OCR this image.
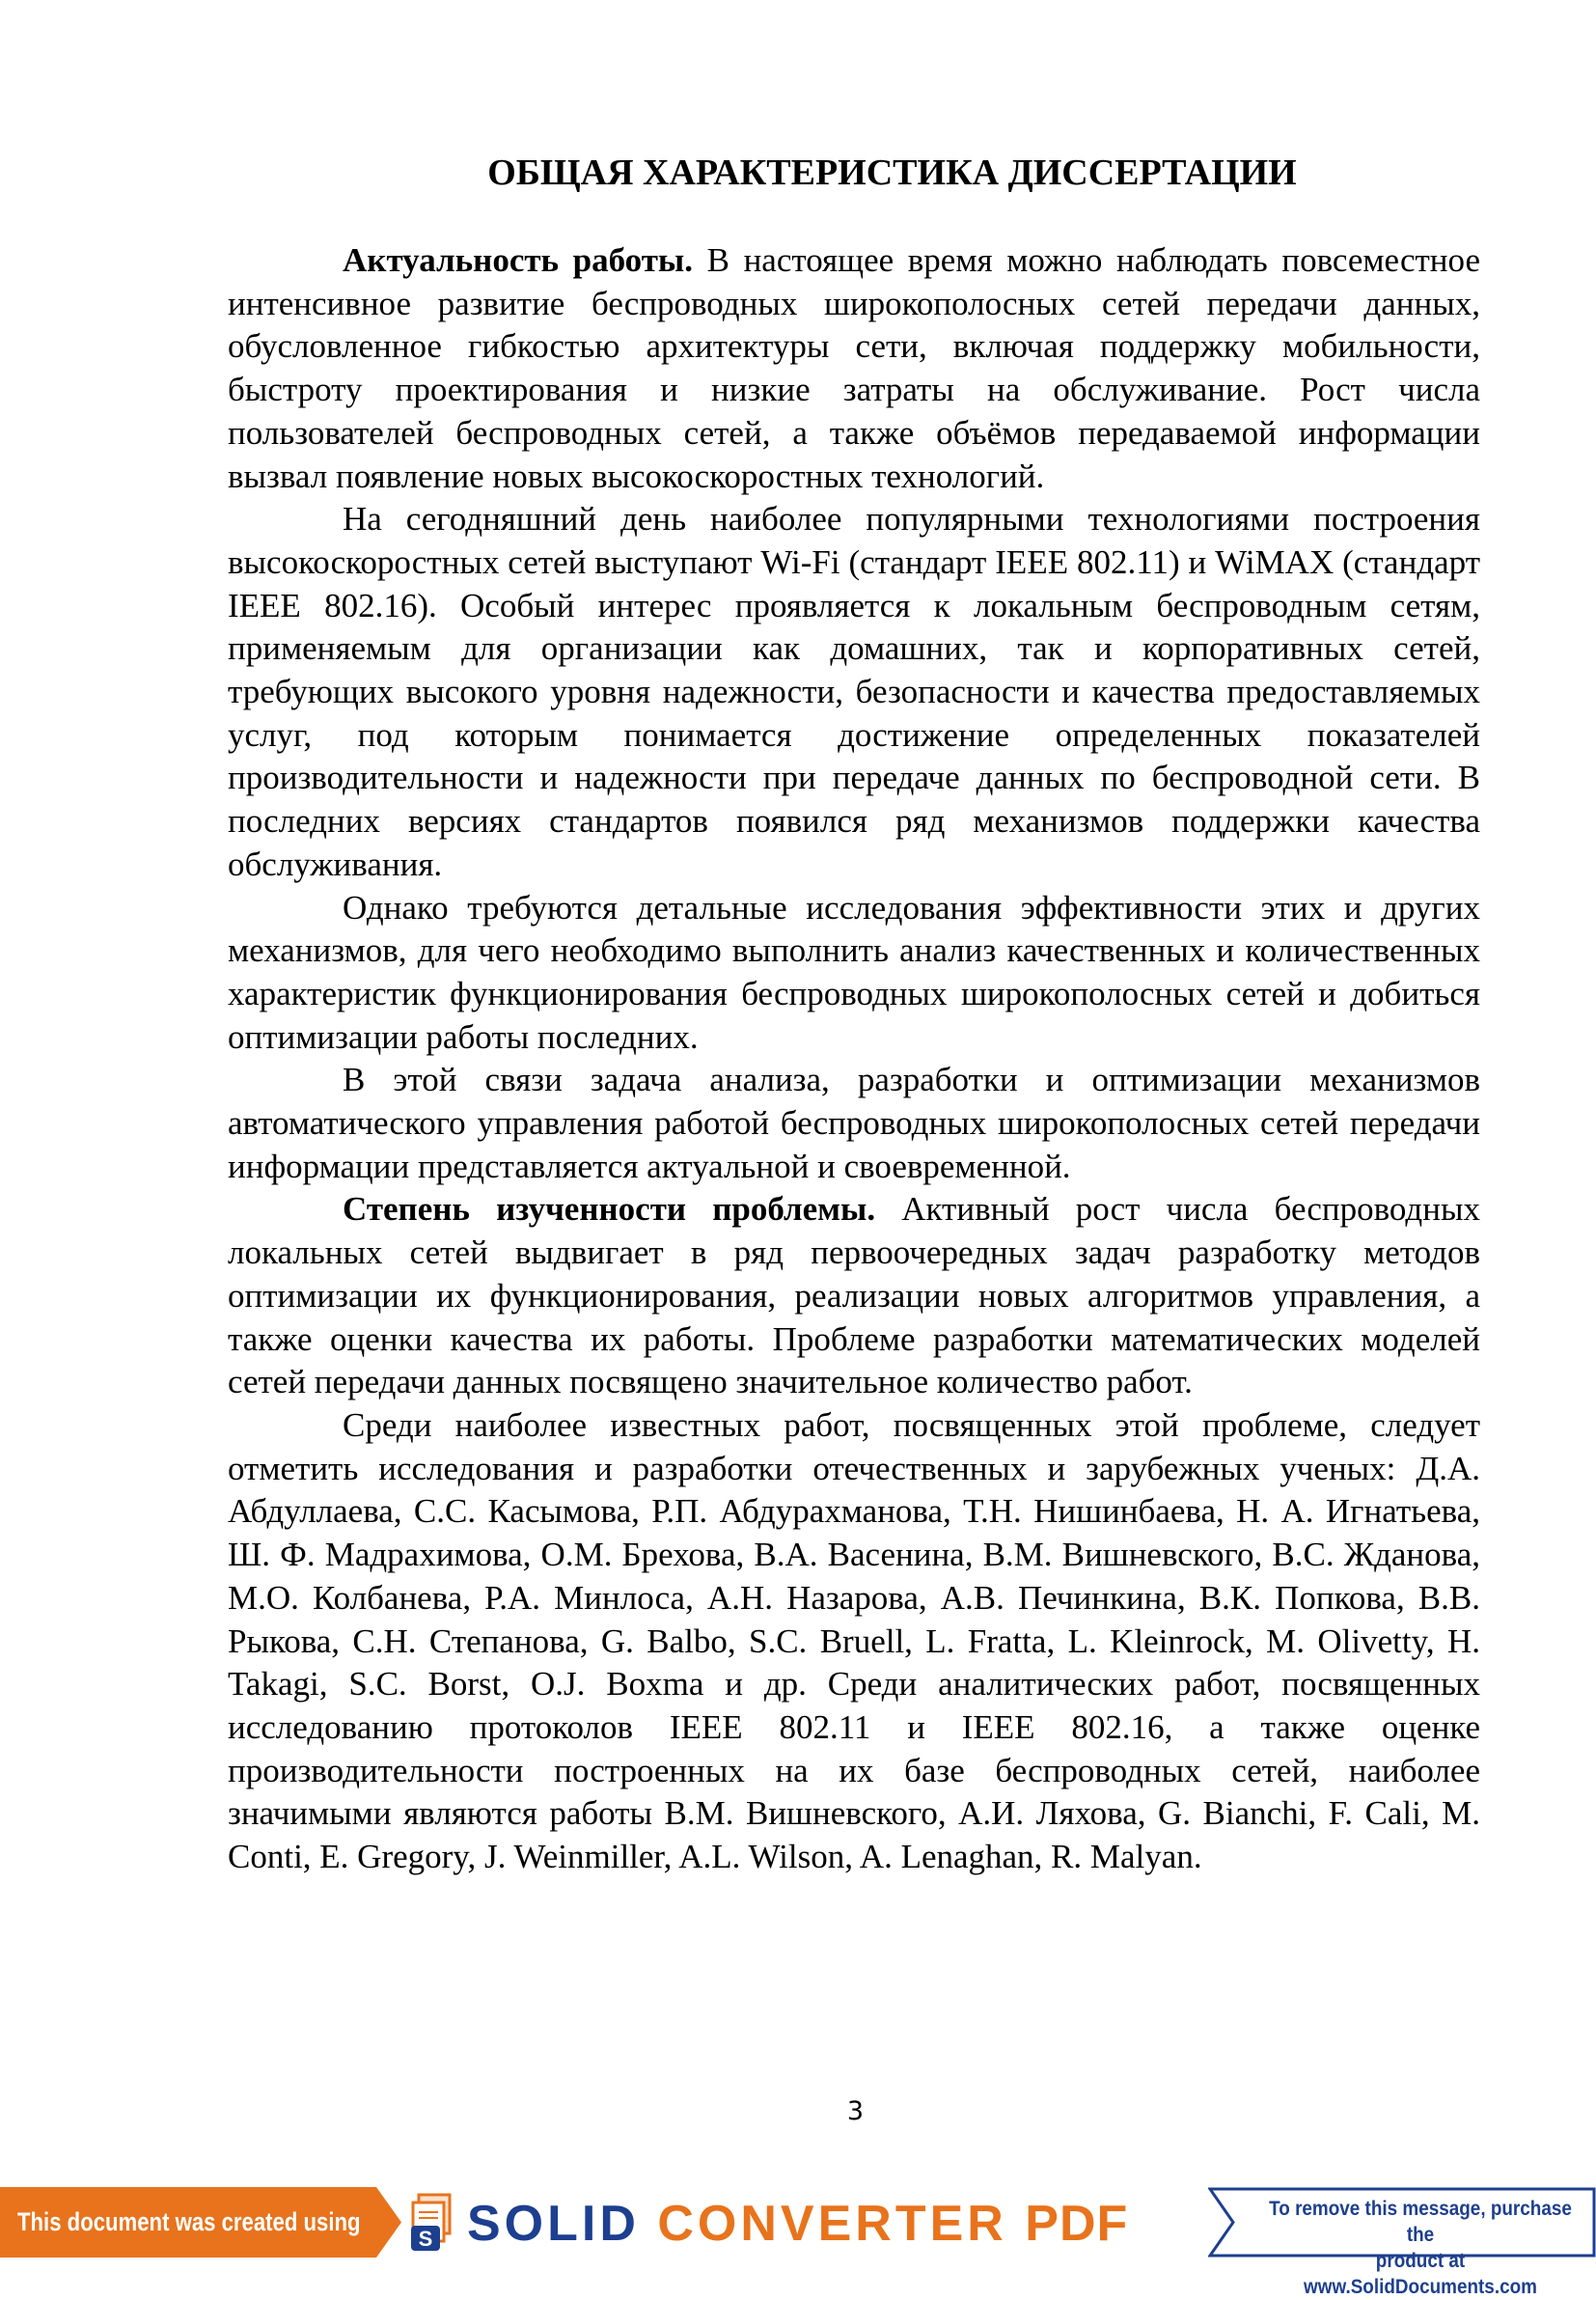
ОБЩАЯ ХАРАКТЕРИСТИКА ДИССЕРТАЦИИ

Актуальность работы. В настоящее время можно наблюдать повсеместное интенсивное развитие беспроводных широкополосных сетей передачи данных, обусловленное гибкостью архитектуры сети, включая поддержку мобильности, быстроту проектирования и низкие затраты на обслуживание. Рост числа пользователей беспроводных сетей, а также объёмов передаваемой информации вызвал появление новых высокоскоростных технологий.

На сегодняшний день наиболее популярными технологиями построения высокоскоростных сетей выступают Wi-Fi (стандарт IEEE 802.11) и WiMAX (стандарт IEEE 802.16). Особый интерес проявляется к локальным беспроводным сетям, применяемым для организации как домашних, так и корпоративных сетей, требующих высокого уровня надежности, безопасности и качества предоставляемых услуг, под которым понимается достижение определенных показателей производительности и надежности при передаче данных по беспроводной сети. В последних версиях стандартов появился ряд механизмов поддержки качества обслуживания.

Однако требуются детальные исследования эффективности этих и других механизмов, для чего необходимо выполнить анализ качественных и количественных характеристик функционирования беспроводных широкополосных сетей и добиться оптимизации работы последних.

В этой связи задача анализа, разработки и оптимизации механизмов автоматического управления работой беспроводных широкополосных сетей передачи информации представляется актуальной и своевременной.

Степень изученности проблемы. Активный рост числа беспроводных локальных сетей выдвигает в ряд первоочередных задач разработку методов оптимизации их функционирования, реализации новых алгоритмов управления, а также оценки качества их работы. Проблеме разработки математических моделей сетей передачи данных посвящено значительное количество работ.

Среди наиболее известных работ, посвященных этой проблеме, следует отметить исследования и разработки отечественных и зарубежных ученых: Д.А. Абдуллаева, С.С. Касымова, Р.П. Абдурахманова, Т.Н. Нишинбаева, Н. А. Игнатьева, Ш. Ф. Мадрахимова, О.М. Брехова, В.А. Васенина, В.М. Вишневского, В.С. Жданова, М.О. Колбанева, Р.А. Минлоса, А.Н. Назарова, А.В. Печинкина, В.К. Попкова, В.В. Рыкова, С.Н. Степанова, G. Balbo, S.C. Bruell, L. Fratta, L. Kleinrock, M. Olivetty, H. Takagi, S.C. Borst, O.J. Boxma и др. Среди аналитических работ, посвященных исследованию протоколов IEEE 802.11 и IEEE 802.16, а также оценке производительности построенных на их базе беспроводных сетей, наиболее значимыми являются работы В.М. Вишневского, А.И. Ляхова, G. Bianchi, F. Cali, M. Conti, E. Gregory, J. Weinmiller, A.L. Wilson, A. Lenaghan, R. Malyan.

3
This document was created using
S SOLID CONVERTER PDF	To remove this message, purchase the
product at www.SolidDocuments.com
